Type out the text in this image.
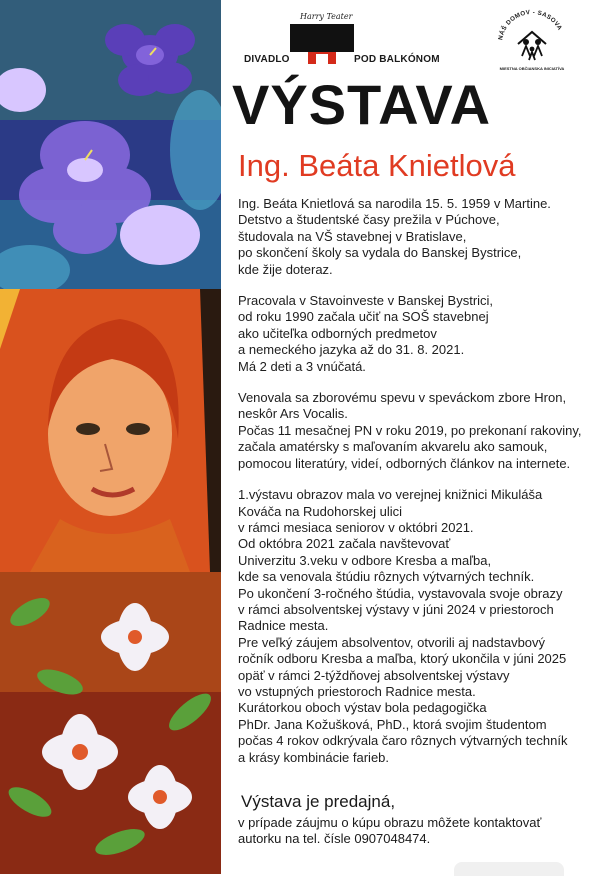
Harry Teater
DIVADLO	POD BALKÓNOM
NÁŠ DOMOV - SASOVA
MIESTNA OBČIANSKA INICIATÍVA
VÝSTAVA
Ing. Beáta Knietlová

Ing. Beáta Knietlová sa narodila 15. 5. 1959 v Martine.
Detstvo a študentské časy prežila v Púchove,
študovala na VŠ stavebnej v Bratislave,
po skončení školy sa vydala do Banskej Bystrice,
kde žije doteraz.

Pracovala v Stavoinveste v Banskej Bystrici,
od roku 1990 začala učiť na SOŠ stavebnej
ako učiteľka odborných predmetov
a nemeckého jazyka až do 31. 8. 2021.
Má 2 deti a 3 vnúčatá.

Venovala sa zborovému spevu v speváckom zbore Hron,
neskôr Ars Vocalis.
Počas 11 mesačnej PN v roku 2019, po prekonaní rakoviny,
začala amatérsky s maľovaním akvarelu ako samouk,
pomocou literatúry, videí, odborných článkov na internete.

1.výstavu obrazov mala vo verejnej knižnici Mikuláša
Kováča na Rudohorskej ulici
v rámci mesiaca seniorov v októbri 2021.
Od októbra 2021 začala navštevovať
Univerzitu 3.veku v odbore Kresba a maľba,
kde sa venovala štúdiu rôznych výtvarných techník.
Po ukončení 3-ročného štúdia, vystavovala svoje obrazy
v rámci absolventskej výstavy v júni 2024 v priestoroch
Radnice mesta.
Pre veľký záujem absolventov, otvorili aj nadstavbový
ročník odboru Kresba a maľba, ktorý ukončila v júni 2025
opäť v rámci 2-týždňovej absolventskej výstavy
vo vstupných priestoroch Radnice mesta.
Kurátorkou oboch výstav bola pedagogička
PhDr. Jana Kožušková, PhD., ktorá svojim študentom
počas 4 rokov odkrývala čaro rôznych výtvarných techník
a krásy kombinácie farieb.

Výstava je predajná,
v prípade záujmu o kúpu obrazu môžete kontaktovať
autorku na tel. čísle 0907048474.
